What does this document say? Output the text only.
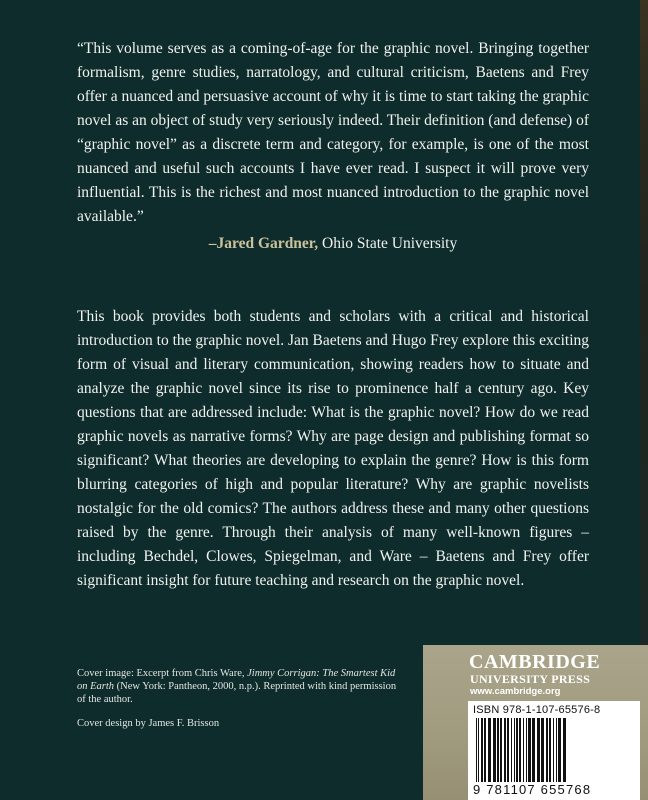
“This volume serves as a coming-of-age for the graphic novel. Bringing together formalism, genre studies, narratology, and cultural criticism, Baetens and Frey offer a nuanced and persuasive account of why it is time to start taking the graphic novel as an object of study very seriously indeed. Their definition (and defense) of “graphic novel” as a discrete term and category, for example, is one of the most nuanced and useful such accounts I have ever read. I suspect it will prove very influential. This is the richest and most nuanced introduction to the graphic novel available.”

–Jared Gardner, Ohio State University

This book provides both students and scholars with a critical and historical introduction to the graphic novel. Jan Baetens and Hugo Frey explore this exciting form of visual and literary communication, showing readers how to situate and analyze the graphic novel since its rise to prominence half a century ago. Key questions that are addressed include: What is the graphic novel? How do we read graphic novels as narrative forms? Why are page design and publishing format so significant? What theories are developing to explain the genre? How is this form blurring categories of high and popular literature? Why are graphic novelists nostalgic for the old comics? The authors address these and many other questions raised by the genre. Through their analysis of many well-known figures – including Bechdel, Clowes, Spiegelman, and Ware – Baetens and Frey offer significant insight for future teaching and research on the graphic novel.

Cover image: Excerpt from Chris Ware, Jimmy Corrigan: The Smartest Kid on Earth (New York: Pantheon, 2000, n.p.). Reprinted with kind permission of the author.

Cover design by James F. Brisson

CAMBRIDGE
UNIVERSITY PRESS
www.cambridge.org
ISBN 978-1-107-65576-8
9 781107 655768
